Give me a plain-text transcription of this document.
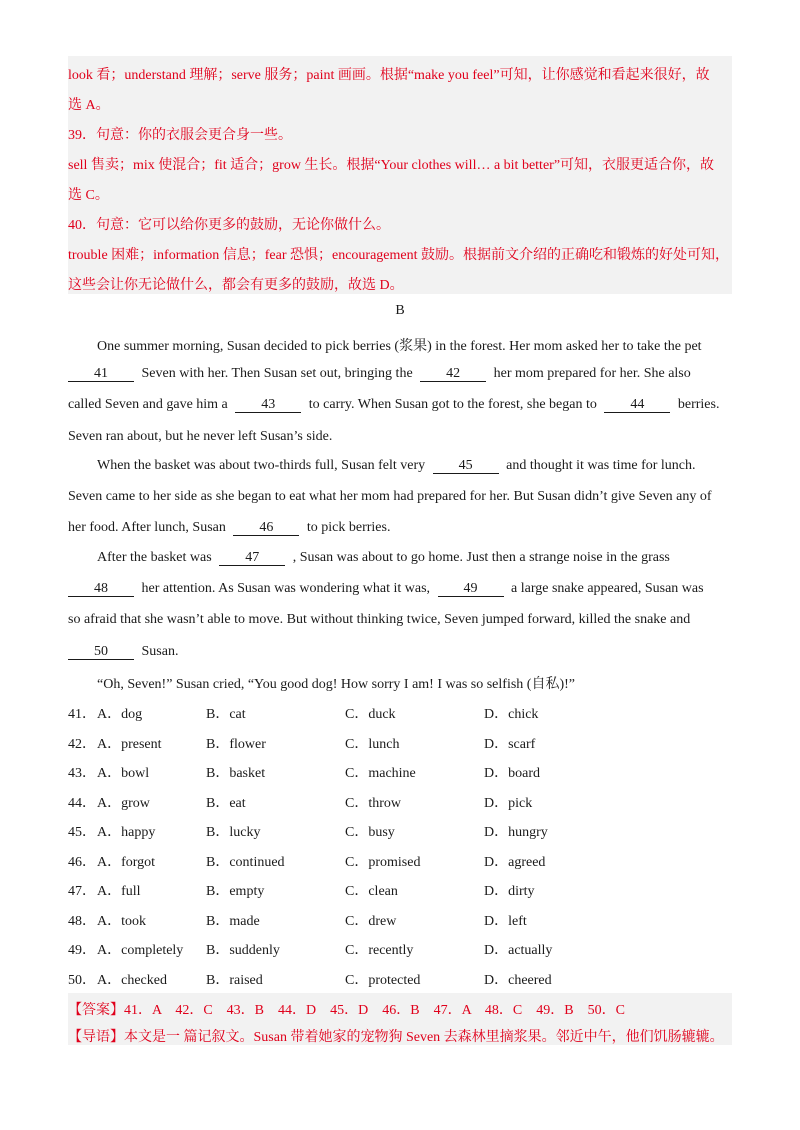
look 看；understand 理解；serve 服务；paint 画画。根据“make you feel”可知，让你感觉和看起来很好，故
选 A。
39．句意：你的衣服会更合身一些。
sell 售卖；mix 使混合；fit 适合；grow 生长。根据“Your clothes will… a bit better”可知，衣服更适合你，故
选 C。
40．句意：它可以给你更多的鼓励，无论你做什么。
trouble 困难；information 信息；fear 恐惧；encouragement 鼓励。根据前文介绍的正确吃和锻炼的好处可知，
这些会让你无论做什么，都会有更多的鼓励，故选 D。
B
One summer morning, Susan decided to pick berries (浆果) in the forest. Her mom asked her to take the pet
41 Seven with her. Then Susan set out, bringing the 42 her mom prepared for her. She also
called Seven and gave him a 43 to carry. When Susan got to the forest, she began to 44 berries.
Seven ran about, but he never left Susan’s side.
When the basket was about two-thirds full, Susan felt very 45 and thought it was time for lunch.
Seven came to her side as she began to eat what her mom had prepared for her. But Susan didn’t give Seven any of
her food. After lunch, Susan 46 to pick berries.
After the basket was 47 , Susan was about to go home. Just then a strange noise in the grass
48 her attention. As Susan was wondering what it was, 49 a large snake appeared, Susan was
so afraid that she wasn’t able to move. But without thinking twice, Seven jumped forward, killed the snake and
50 Susan.
“Oh, Seven!” Susan cried, “You good dog! How sorry I am! I was so selfish (自私)!”
41． A．dog	B．cat	C．duck	D．chick
42． A．present	B．flower	C．lunch	D．scarf
43． A．bowl	B．basket	C．machine	D．board
44． A．grow	B．eat	C．throw	D．pick
45． A．happy	B．lucky	C．busy	D．hungry
46． A．forgot	B．continued	C．promised	D．agreed
47． A．full	B．empty	C．clean	D．dirty
48． A．took	B．made	C．drew	D．left
49． A．completely B．suddenly	C．recently	D．actually
50． A．checked	B．raised	C．protected	D．cheered
【答案】41．A　42．C　43．B　44．D　45．D　46．B　47．A　48．C　49．B　50．C
【导语】本文是一 篇记叙文。Susan 带着她家的宠物狗 Seven 去森林里摘浆果。邻近中午，他们饥肠辘辘。
